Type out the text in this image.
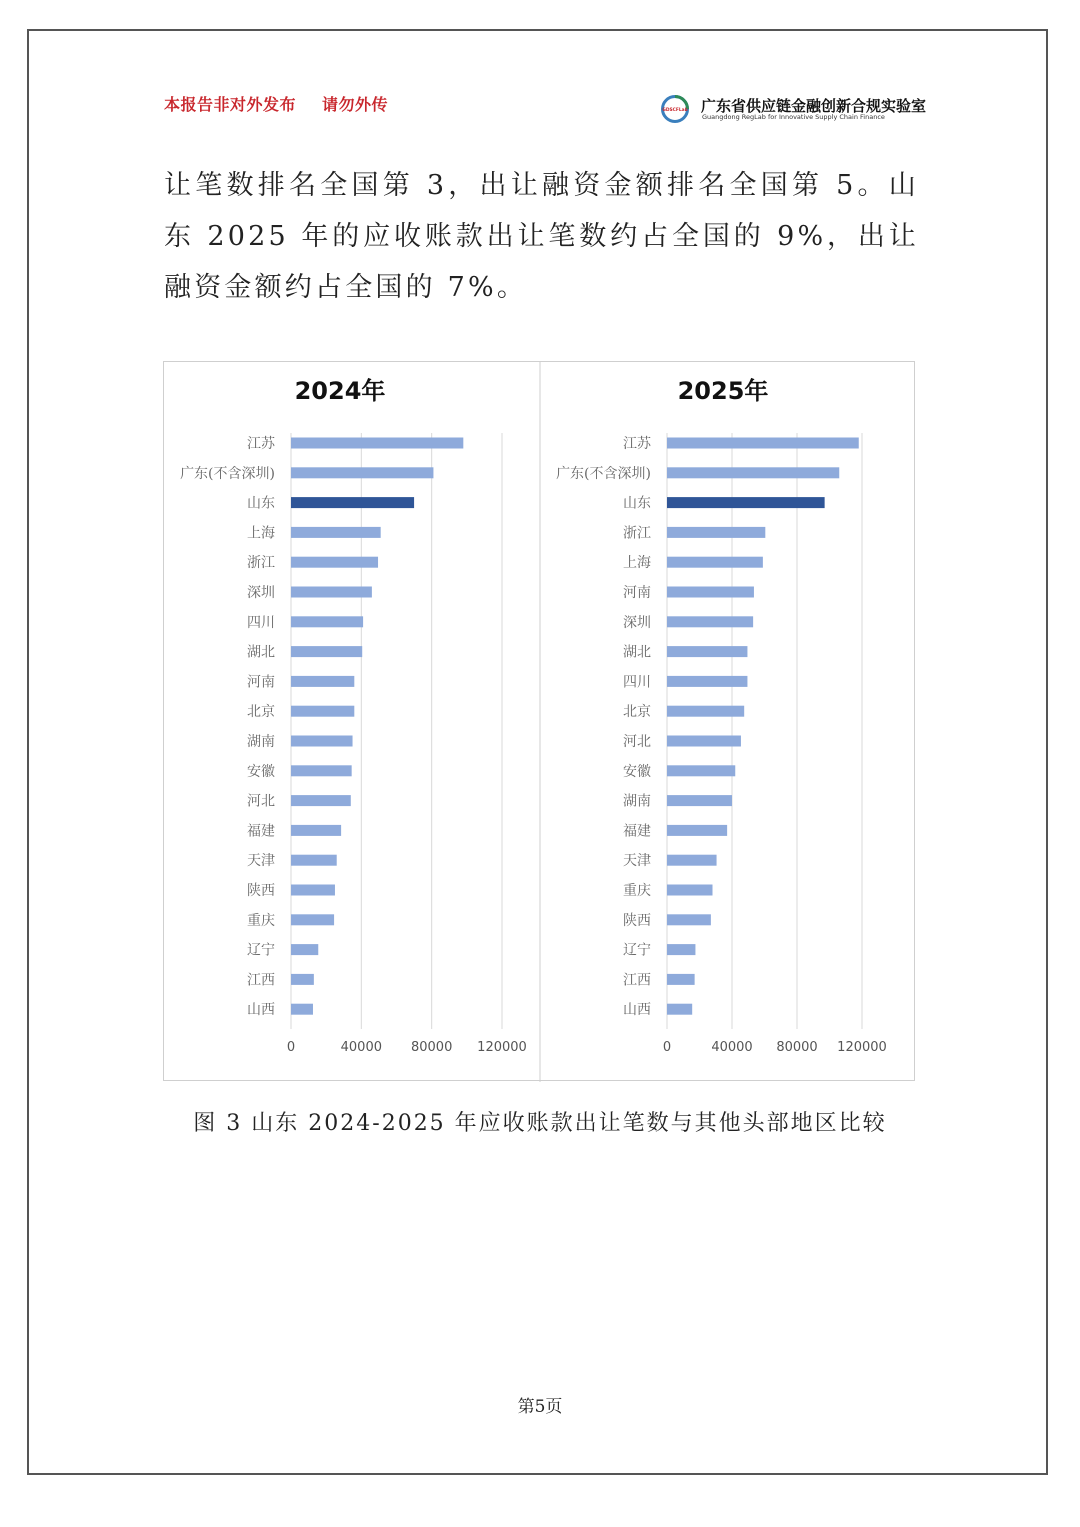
本报告非对外发布 请勿外传	GDSCFLab 广东省供应链金融创新合规实验室
Guangdong RegLab for Innovative Supply Chain Finance

让笔数排名全国第 3，出让融资金额排名全国第 5。山东 2025 年的应收账款出让笔数约占全国的 9%，出让融资金额约占全国的 7%。

2024年
0	40000 80000 120000
江苏
广东(不含深圳)
山东
上海
浙江
深圳
四川
湖北
河南
北京
湖南
安徽
河北
福建
天津
陕西
重庆
辽宁
江西
山西
2025年
0	40000 80000 120000
江苏
广东(不含深圳)
山东
浙江
上海
河南
深圳
湖北
四川
北京
河北
安徽
湖南
福建
天津
重庆
陕西
辽宁
江西
山西
图 3 山东 2024-2025 年应收账款出让笔数与其他头部地区比较
第5页
